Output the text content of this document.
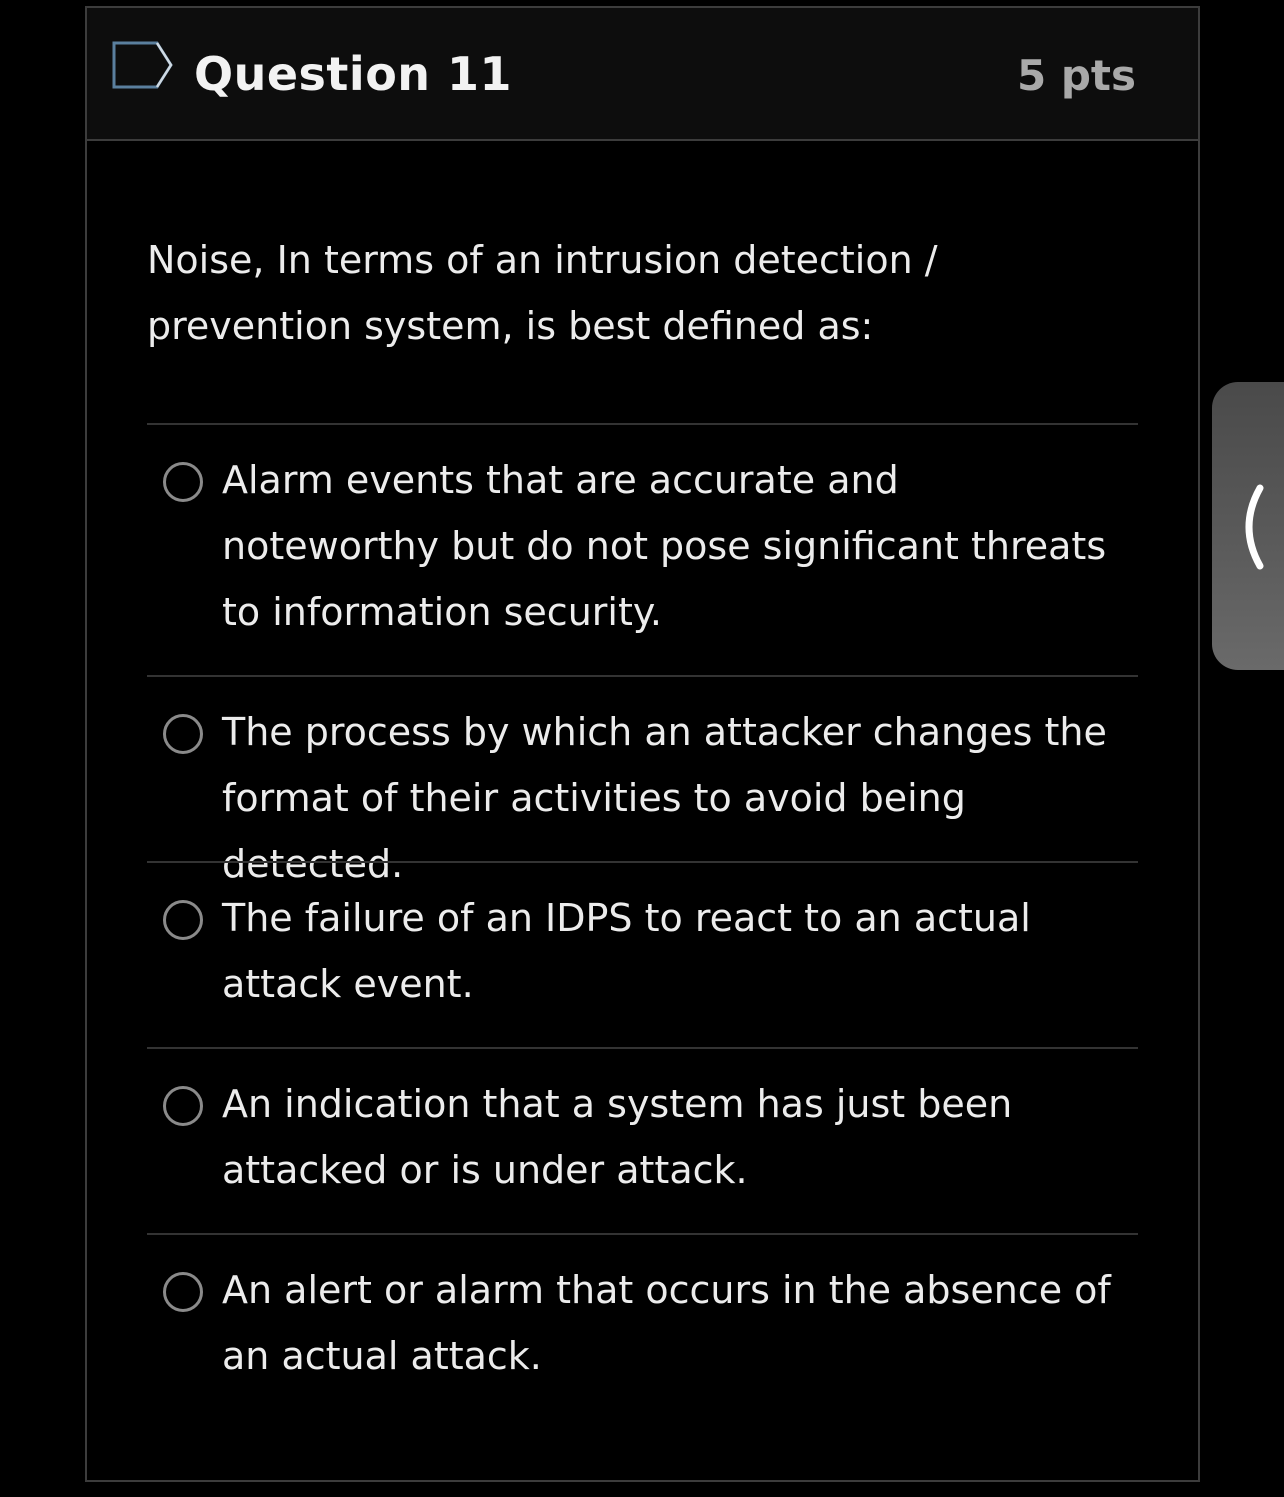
Question 11	5 pts
Noise, In terms of an intrusion detection / prevention system, is best defined as:
Alarm events that are accurate and noteworthy but do not pose significant threats to information security.
The process by which an attacker changes the format of their activities to avoid being detected.
The failure of an IDPS to react to an actual attack event.
An indication that a system has just been attacked or is under attack.
An alert or alarm that occurs in the absence of an actual attack.
